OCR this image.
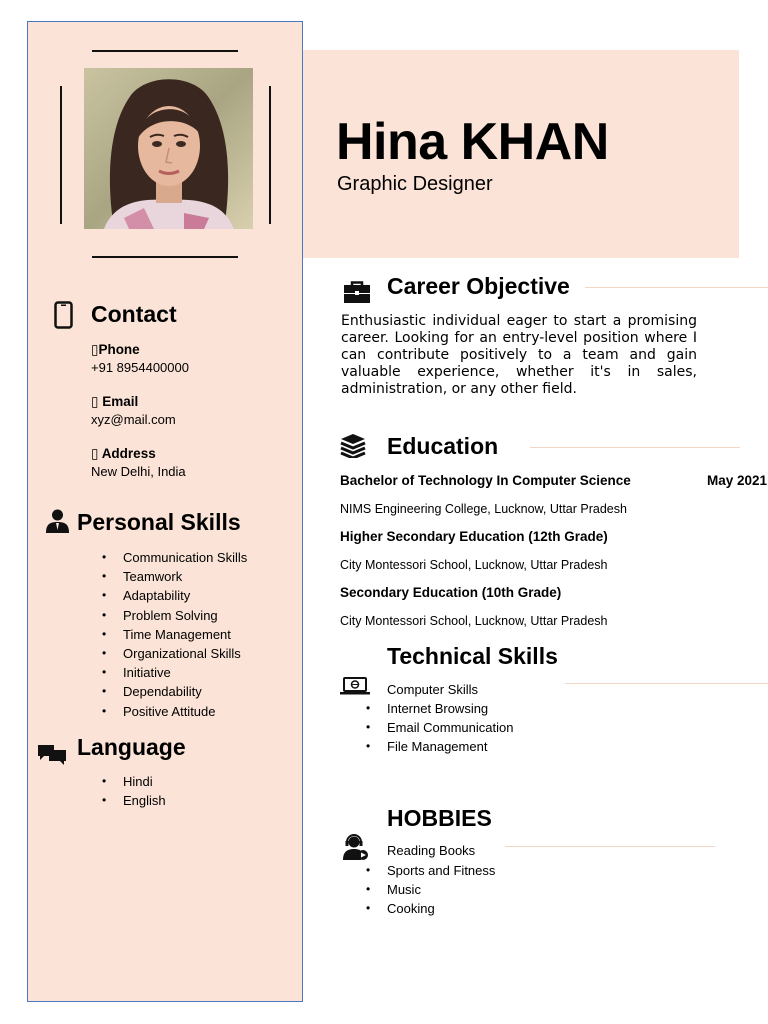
Hina KHAN
Graphic Designer
Contact
▯Phone
+91 8954400000
▯ Email
xyz@mail.com
▯ Address
New Delhi, India
Personal Skills
• Communication Skills
• Teamwork
• Adaptability
• Problem Solving
• Time Management
• Organizational Skills
• Initiative
• Dependability
• Positive Attitude
Language
• Hindi
• English
Career Objective
Enthusiastic individual eager to start a promising career. Looking for an entry-level position where I can contribute positively to a team and gain valuable experience, whether it's in sales, administration, or any other field.
Education
Bachelor of Technology In Computer Science	May 2021
NIMS Engineering College, Lucknow, Uttar Pradesh
Higher Secondary Education (12th Grade)
City Montessori School, Lucknow, Uttar Pradesh
Secondary Education (10th Grade)
City Montessori School, Lucknow, Uttar Pradesh
Technical Skills
Computer Skills
• Internet Browsing
• Email Communication
• File Management
HOBBIES
Reading Books
• Sports and Fitness
• Music
• Cooking
